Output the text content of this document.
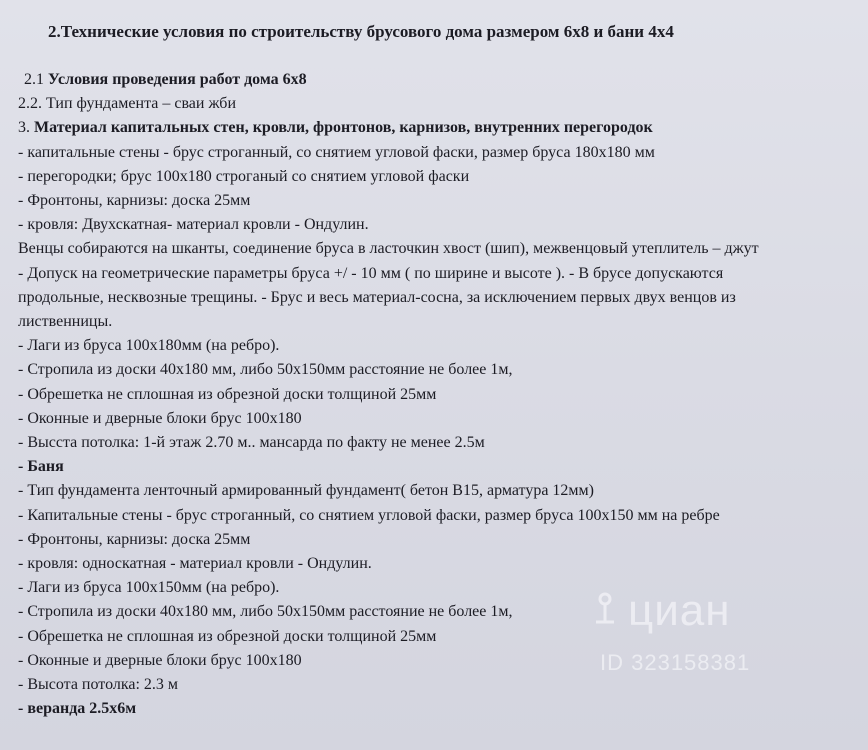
2.Технические условия по строительству брусового дома размером 6х8 и бани 4х4
2.1 Условия проведения работ дома 6х8
2.2. Тип фундамента – сваи жби
3. Материал капитальных стен, кровли, фронтонов, карнизов, внутренних перегородок
- капитальные стены - брус строганный, со снятием угловой фаски, размер бруса 180х180 мм
- перегородки; брус 100х180 строганый со снятием угловой фаски
- Фронтоны, карнизы: доска 25мм
- кровля: Двухскатная- материал кровли - Ондулин.
Венцы собираются на шканты, соединение бруса в ласточкин хвост (шип), межвенцовый утеплитель – джут
- Допуск на геометрические параметры бруса +/ - 10 мм ( по ширине и высоте ). - В брусе допускаются
продольные, несквозные трещины. - Брус и весь материал-сосна, за исключением первых двух венцов из
лиственницы.
- Лаги из бруса 100х180мм (на ребро).
- Стропила из доски 40х180 мм, либо 50х150мм расстояние не более 1м,
- Обрешетка не сплошная из обрезной доски толщиной 25мм
- Оконные и дверные блоки брус 100х180
- Высста потолка: 1-й этаж 2.70 м.. мансарда по факту не менее 2.5м
- Баня
- Тип фундамента ленточный армированный фундамент( бетон В15, арматура 12мм)
- Капитальные стены - брус строганный, со снятием угловой фаски, размер бруса 100х150 мм на ребре
- Фронтоны, карнизы: доска 25мм
- кровля: односкатная - материал кровли - Ондулин.
- Лаги из бруса 100х150мм (на ребро).
- Стропила из доски 40х180 мм, либо 50х150мм расстояние не более 1м,
- Обрешетка не сплошная из обрезной доски толщиной 25мм
- Оконные и дверные блоки брус 100х180
- Высота потолка: 2.3 м
- веранда 2.5х6м
циан
ID 323158381
